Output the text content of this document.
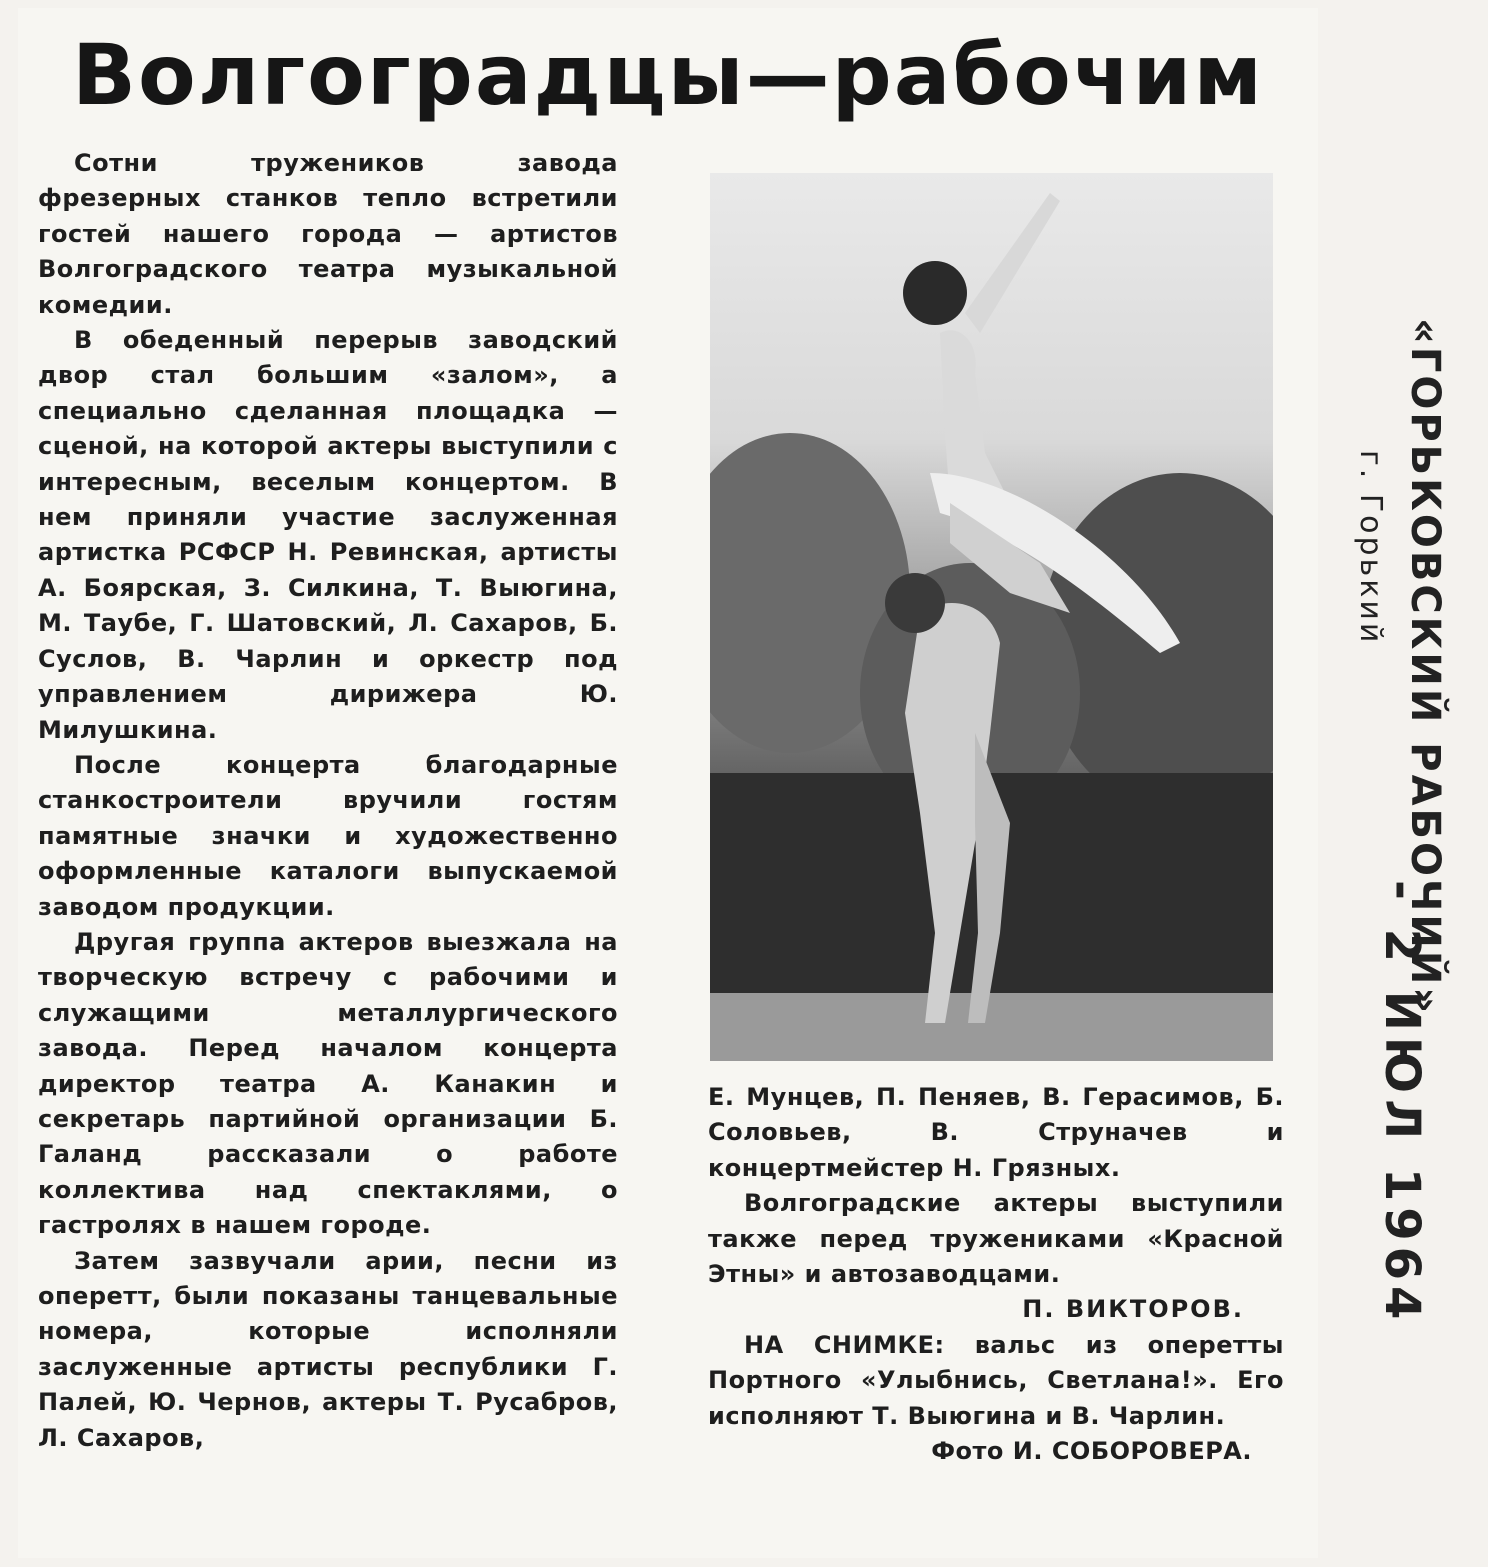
Волгоградцы—рабочим

Сотни тружеников завода фрезерных станков тепло встретили гостей нашего города — артистов Волгоградского театра музыкальной комедии.

В обеденный перерыв заводский двор стал большим «залом», а специально сделанная площадка — сценой, на которой актеры выступили с интересным, веселым концертом. В нем приняли участие заслуженная артистка РСФСР Н. Ревинская, артисты А. Боярская, З. Силкина, Т. Выюгина, М. Таубе, Г. Шатовский, Л. Сахаров, Б. Суслов, В. Чарлин и оркестр под управлением дирижера Ю. Милушкина.

После концерта благодарные станкостроители вручили гостям памятные значки и художественно оформленные каталоги выпускаемой заводом продукции.

Другая группа актеров выезжала на творческую встречу с рабочими и служащими металлургического завода. Перед началом концерта директор театра А. Канакин и секретарь партийной организации Б. Галанд рассказали о работе коллектива над спектаклями, о гастролях в нашем городе.

Затем зазвучали арии, песни из оперетт, были показаны танцевальные номера, которые исполняли заслуженные артисты республики Г. Палей, Ю. Чернов, актеры Т. Русабров, Л. Сахаров,

Е. Мунцев, П. Пеняев, В. Герасимов, Б. Соловьев, В. Струначев и концертмейстер Н. Грязных.

Волгоградские актеры выступили также перед тружениками «Красной Этны» и автозаводцами.

П. ВИКТОРОВ.

НА СНИМКЕ: вальс из оперетты Портного «Улыбнись, Светлана!». Его исполняют Т. Выюгина и В. Чарлин.

Фото И. СОБОРОВЕРА.

«ГОРЬКОВСКИЙ РАБОЧИЙ»
г. Горький
- 2 ИЮЛ 1964
